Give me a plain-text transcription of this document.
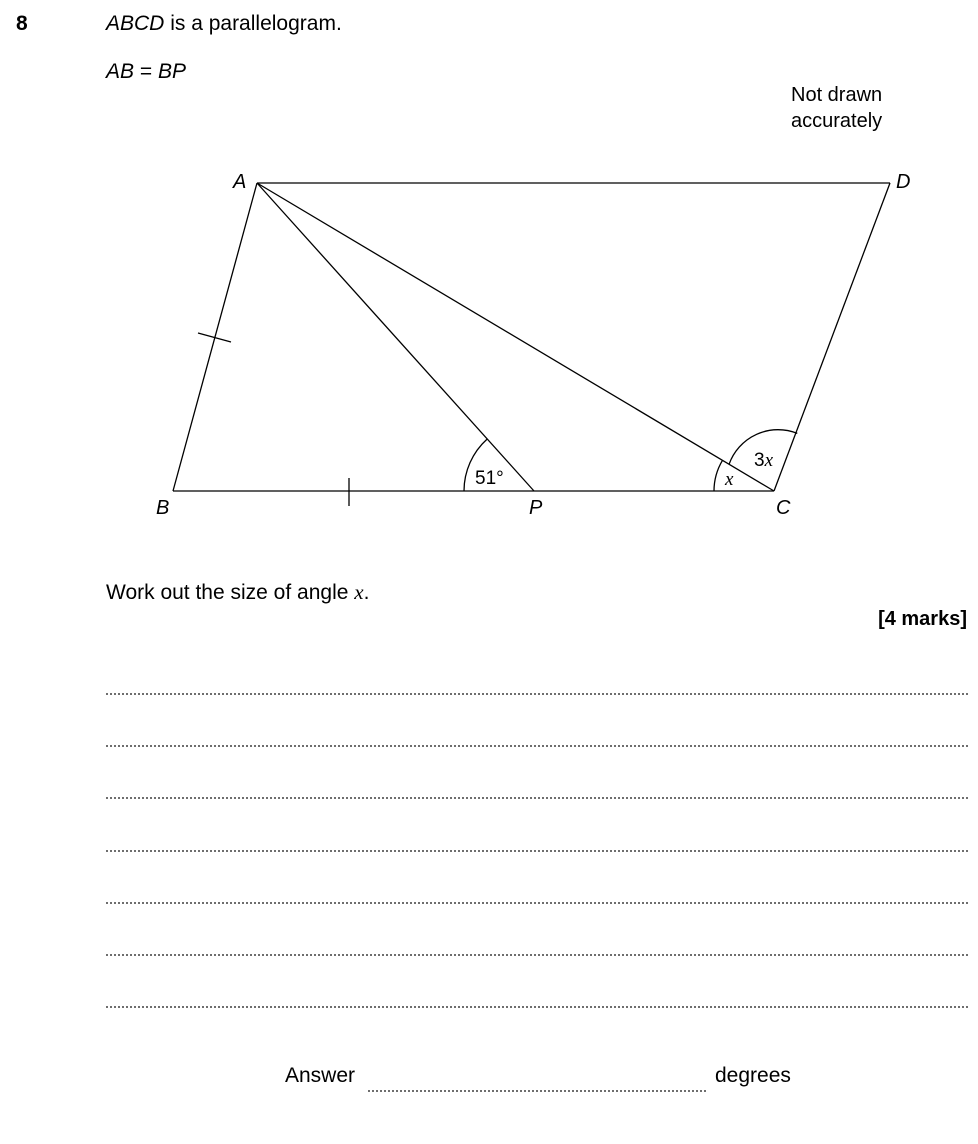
8	ABCD is a parallelogram.
AB = BP
Not drawn accurately
A	D
B	P	C
51°	x
3x
Work out the size of angle x.
[4 marks]
Answer	degrees
